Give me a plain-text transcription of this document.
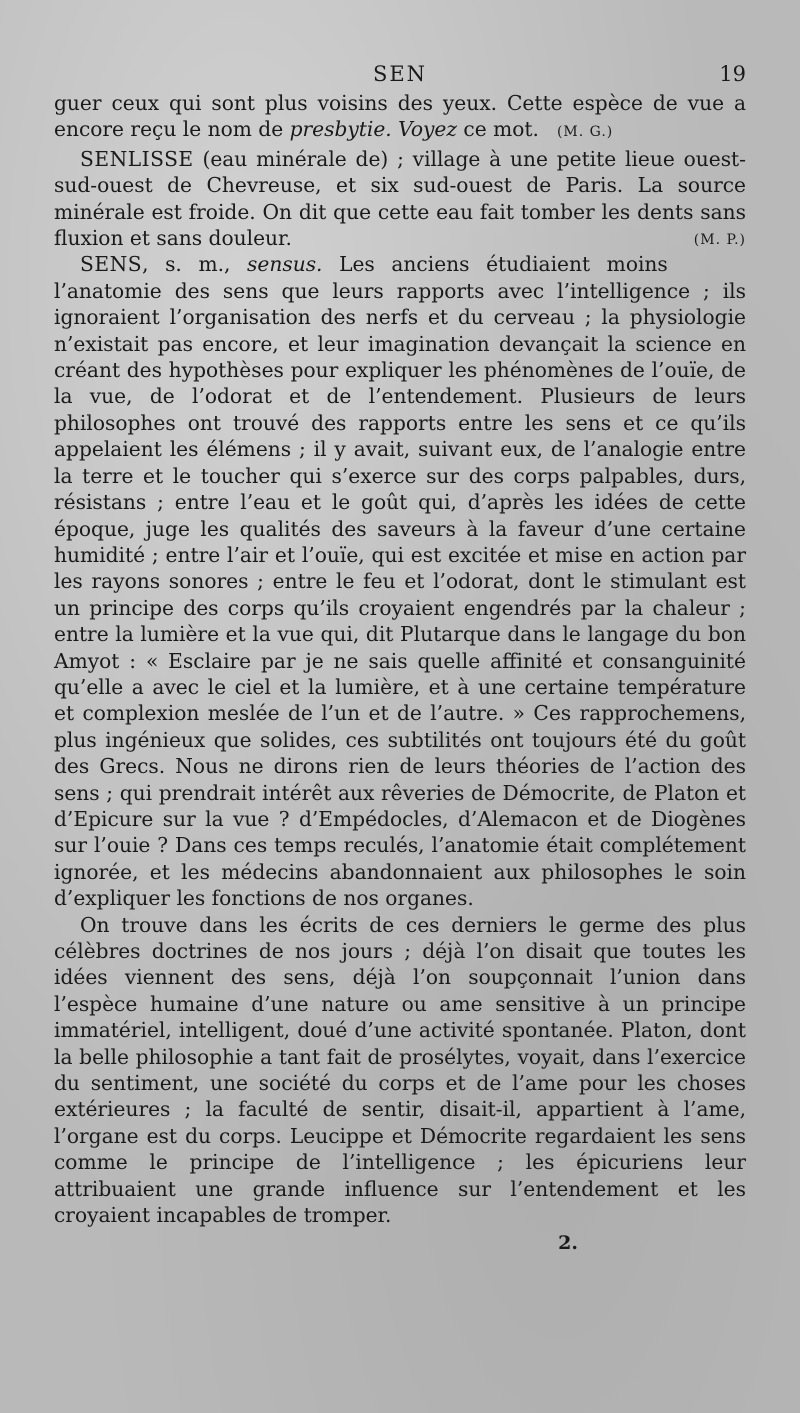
SEN	19

guer ceux qui sont plus voisins des yeux. Cette espèce de vue a encore reçu le nom de presbytie. Voyez ce mot. (M. G.)

SENLISSE (eau minérale de) ; village à une petite lieue ouest-sud-ouest de Chevreuse, et six sud-ouest de Paris. La source minérale est froide. On dit que cette eau fait tomber les dents sans fluxion et sans douleur.	(M. P.)

SENS, s. m., sensus. Les anciens étudiaient moins l’anatomie des sens que leurs rapports avec l’intelligence ; ils ignoraient l’organisation des nerfs et du cerveau ; la physiologie n’existait pas encore, et leur imagination devançait la science en créant des hypothèses pour expliquer les phénomènes de l’ouïe, de la vue, de l’odorat et de l’entendement. Plusieurs de leurs philosophes ont trouvé des rapports entre les sens et ce qu’ils appelaient les élémens ; il y avait, suivant eux, de l’analogie entre la terre et le toucher qui s’exerce sur des corps palpables, durs, résistans ; entre l’eau et le goût qui, d’après les idées de cette époque, juge les qualités des saveurs à la faveur d’une certaine humidité ; entre l’air et l’ouïe, qui est excitée et mise en action par les rayons sonores ; entre le feu et l’odorat, dont le stimulant est un principe des corps qu’ils croyaient engendrés par la chaleur ; entre la lumière et la vue qui, dit Plutarque dans le langage du bon Amyot : « Esclaire par je ne sais quelle affinité et consanguinité qu’elle a avec le ciel et la lumière, et à une certaine température et complexion meslée de l’un et de l’autre. » Ces rapprochemens, plus ingénieux que solides, ces subtilités ont toujours été du goût des Grecs. Nous ne dirons rien de leurs théories de l’action des sens ; qui prendrait intérêt aux rêveries de Démocrite, de Platon et d’Epicure sur la vue ? d’Empédocles, d’Alemacon et de Diogènes sur l’ouie ? Dans ces temps reculés, l’anatomie était complétement ignorée, et les médecins abandonnaient aux philosophes le soin d’expliquer les fonctions de nos organes.

On trouve dans les écrits de ces derniers le germe des plus célèbres doctrines de nos jours ; déjà l’on disait que toutes les idées viennent des sens, déjà l’on soupçonnait l’union dans l’espèce humaine d’une nature ou ame sensitive à un principe immatériel, intelligent, doué d’une activité spontanée. Platon, dont la belle philosophie a tant fait de prosélytes, voyait, dans l’exercice du sentiment, une société du corps et de l’ame pour les choses extérieures ; la faculté de sentir, disait-il, appartient à l’ame, l’organe est du corps. Leucippe et Démocrite regardaient les sens comme le principe de l’intelligence ; les épicuriens leur attribuaient une grande influence sur l’entendement et les croyaient incapables de tromper.

2.
